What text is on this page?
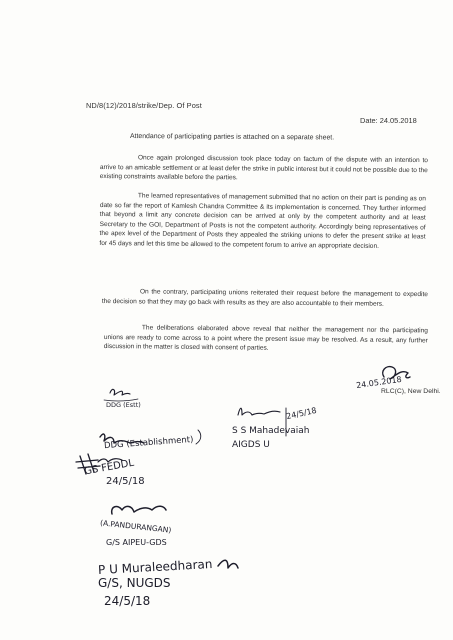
ND/8(12)/2018/strike/Dep. Of Post
Date: 24.05.2018
Attendance of participating parties is attached on a separate sheet.
Once again prolonged discussion took place today on factum of the dispute with an intention to arrive to an amicable settlement or at least defer the strike in public interest but it could not be possible due to the existing constraints available before the parties.
The learned representatives of management submitted that no action on their part is pending as on date so far the report of Kamlesh Chandra Committee & its implementation is concerned. They further informed that beyond a limit any concrete decision can be arrived at only by the competent authority and at least Secretary to the GOI, Department of Posts is not the competent authority. Accordingly being representatives of the apex level of the Department of Posts they appealed the striking unions to defer the present strike at least for 45 days and let this time be allowed to the competent forum to arrive an appropriate decision.
On the contrary, participating unions reiterated their request before the management to expedite the decision so that they may go back with results as they are also accountable to their members.
The deliberations elaborated above reveal that neither the management nor the participating unions are ready to come across to a point where the present issue may be resolved. As a result, any further discussion in the matter is closed with consent of parties.
RLC(C), New Delhi.
24.05.2018
DDG (Estt)
24/5/18
S S Mahadevaiah
AIGDS U
DDG (Establishment)
GS FEDDL
24/5/18
(A.PANDURANGAN)
G/S AIPEU-GDS
P U Muraleedharan
G/S, NUGDS
24/5/18
